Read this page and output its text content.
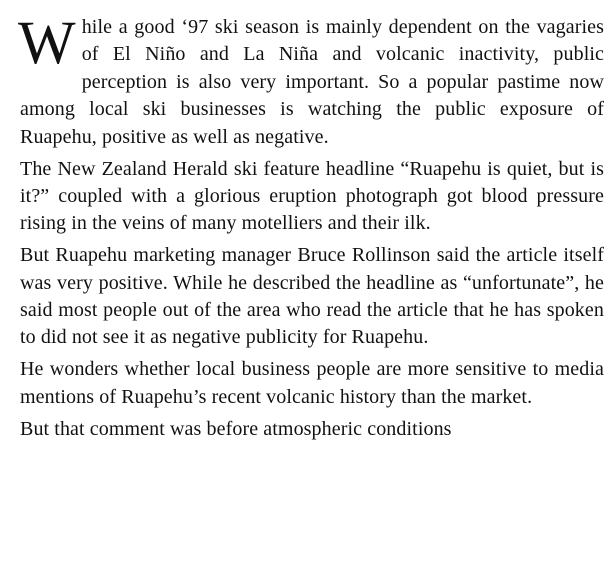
While a good ‘97 ski season is mainly dependent on the vagaries of El Niño and La Niña and volcanic inactivity, public perception is also very important. So a popular pastime now among local ski businesses is watching the public exposure of Ruapehu, positive as well as negative.

The New Zealand Herald ski feature headline “Ruapehu is quiet, but is it?” coupled with a glorious eruption photograph got blood pressure rising in the veins of many motelliers and their ilk.

But Ruapehu marketing manager Bruce Rollinson said the article itself was very positive. While he described the headline as “unfortunate”, he said most people out of the area who read the article that he has spoken to did not see it as negative publicity for Ruapehu.

He wonders whether local business people are more sensitive to media mentions of Ruapehu’s recent volcanic history than the market.

But that comment was before atmospheric conditions
